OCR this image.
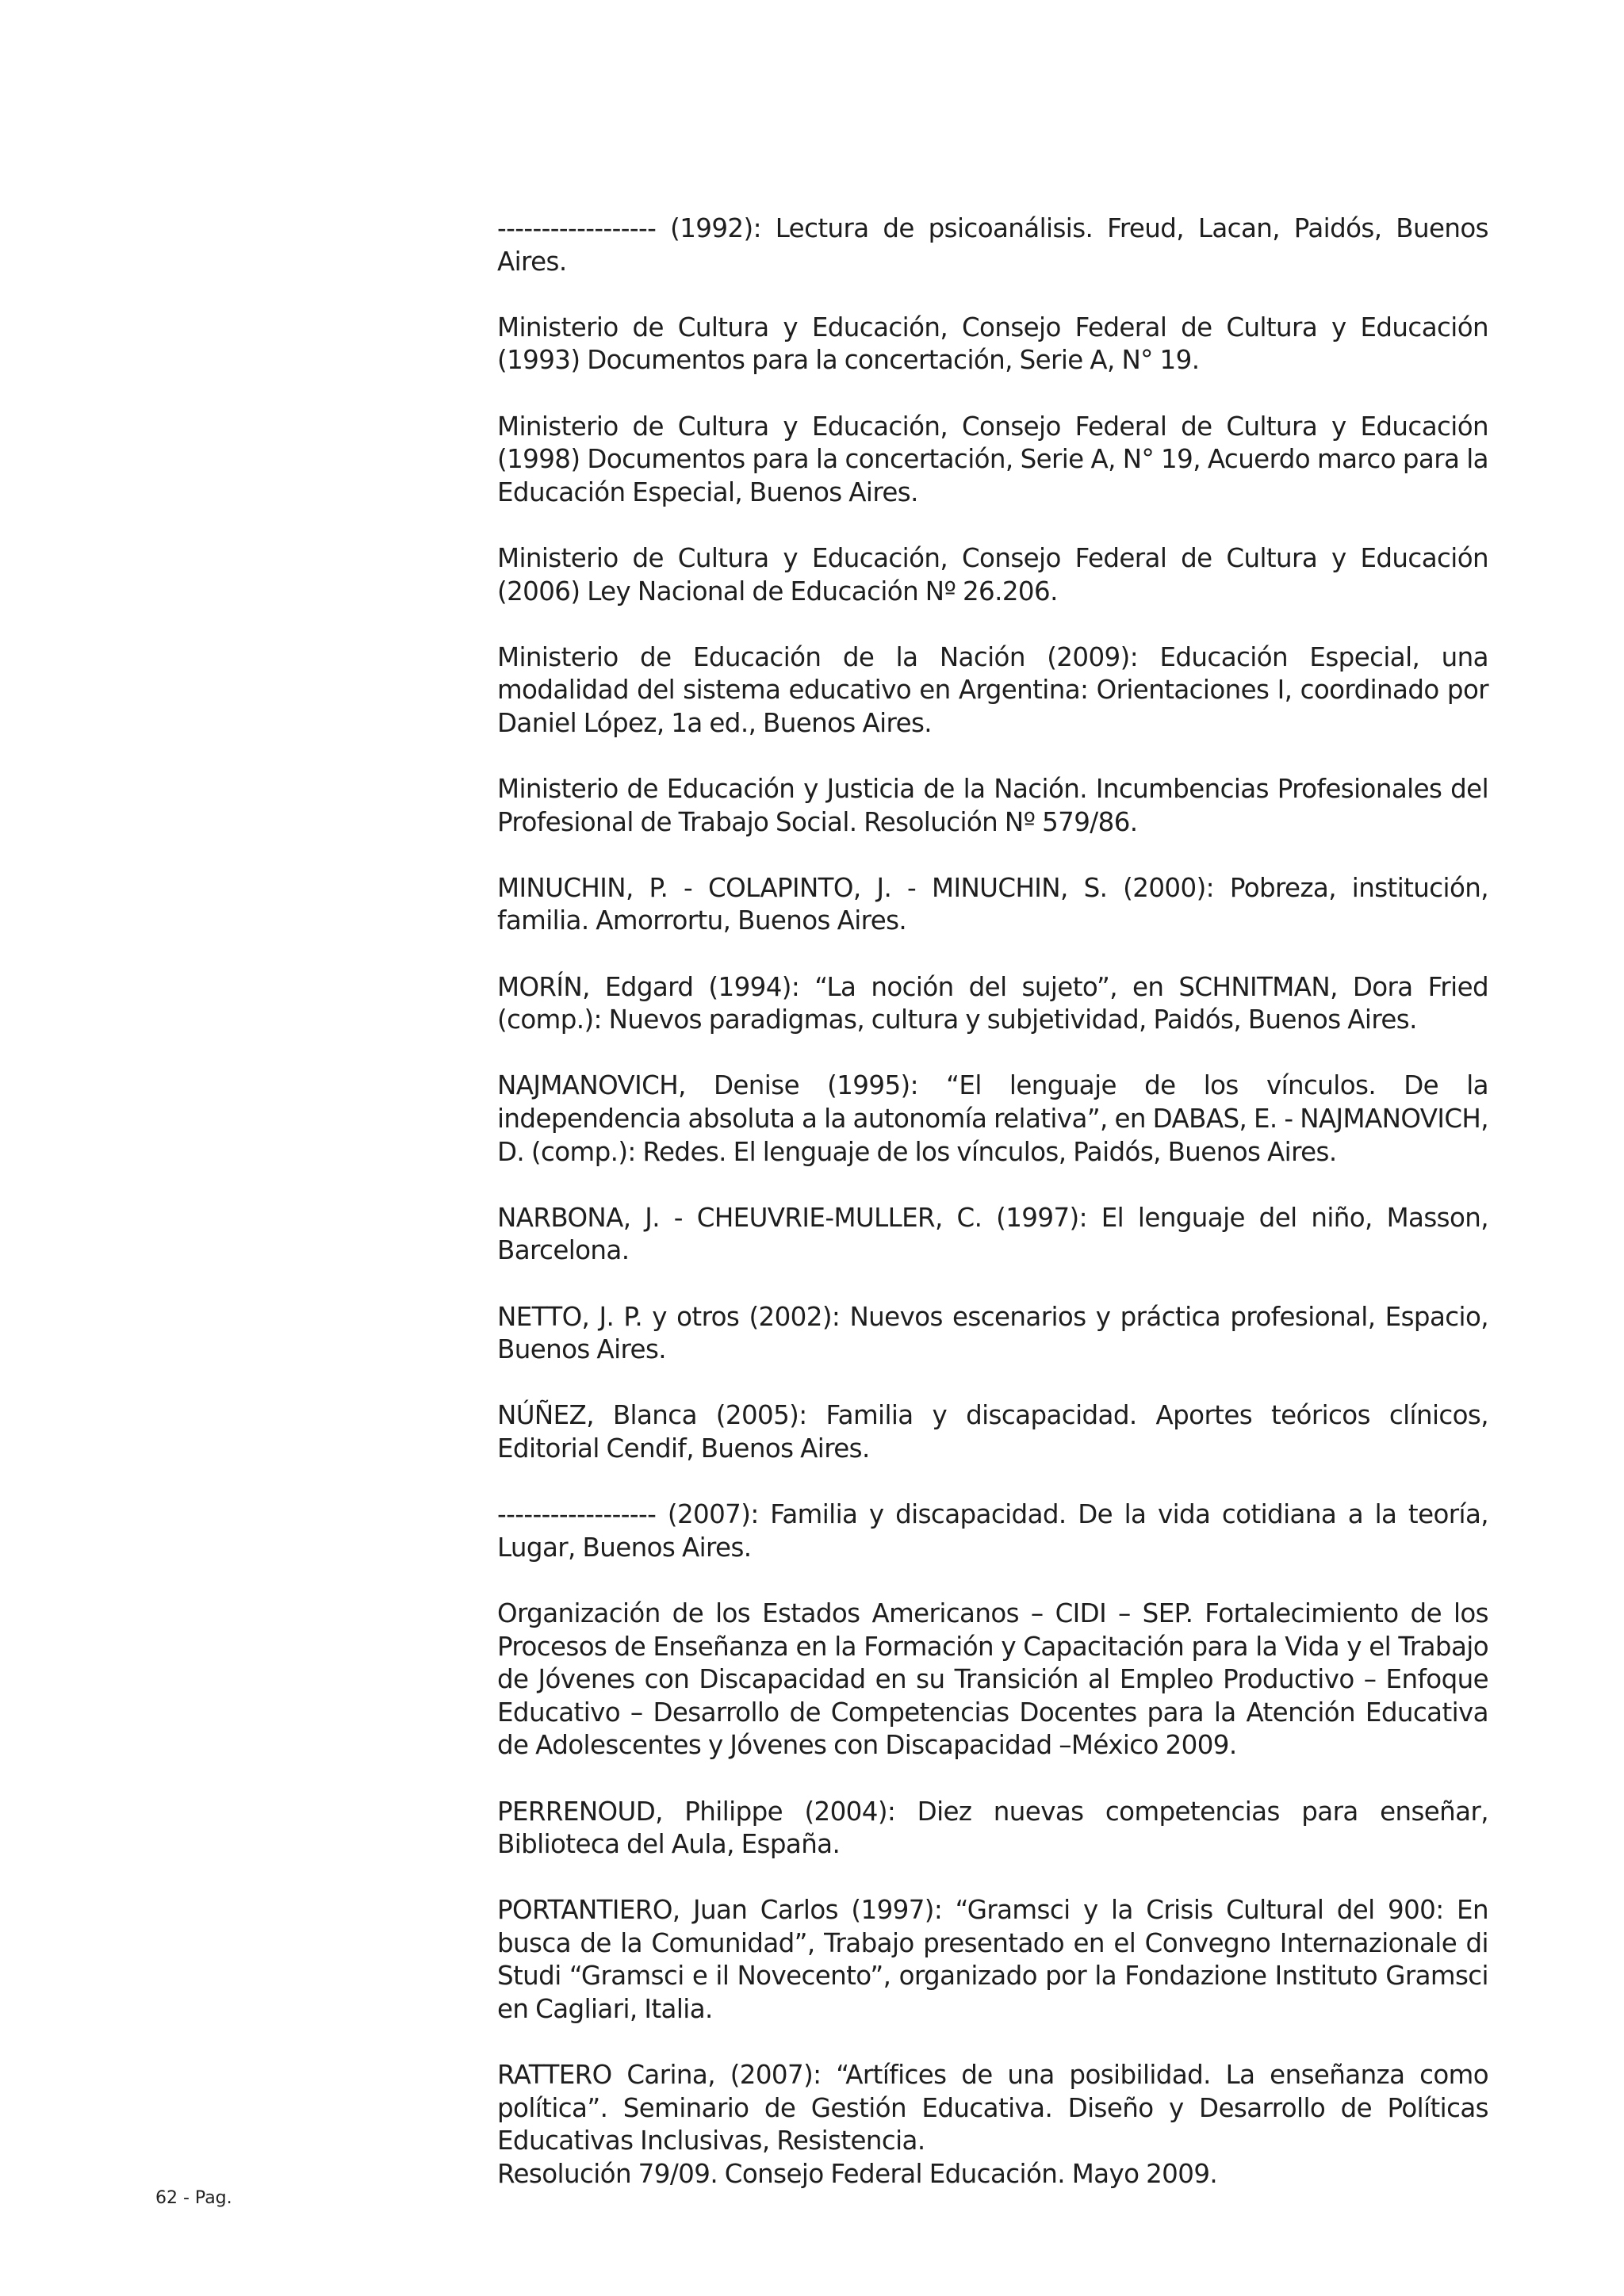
------------------ (1992): Lectura de psicoanálisis. Freud, Lacan, Paidós, Buenos Aires.

Ministerio de Cultura y Educación, Consejo Federal de Cultura y Educación (1993) Documentos para la concertación, Serie A, N° 19.

Ministerio de Cultura y Educación, Consejo Federal de Cultura y Educación (1998) Documentos para la concertación, Serie A, N° 19, Acuerdo marco para la Educación Especial, Buenos Aires.

Ministerio de Cultura y Educación, Consejo Federal de Cultura y Educación (2006) Ley Nacional de Educación Nº 26.206.

Ministerio de Educación de la Nación (2009): Educación Especial, una modalidad del sistema educativo en Argentina: Orientaciones I, coordinado por Daniel López, 1a ed., Buenos Aires.

Ministerio de Educación y Justicia de la Nación. Incumbencias Profesionales del Profesional de Trabajo Social. Resolución Nº 579/86.

MINUCHIN, P. - COLAPINTO, J. - MINUCHIN, S. (2000): Pobreza, institución, familia. Amorrortu, Buenos Aires.

MORÍN, Edgard (1994): “La noción del sujeto”, en SCHNITMAN, Dora Fried (comp.): Nuevos paradigmas, cultura y subjetividad, Paidós, Buenos Aires.

NAJMANOVICH, Denise (1995): “El lenguaje de los vínculos. De la independencia absoluta a la autonomía relativa”, en DABAS, E. - NAJMANOVICH, D. (comp.): Redes. El lenguaje de los vínculos, Paidós, Buenos Aires.

NARBONA, J. - CHEUVRIE-MULLER, C. (1997): El lenguaje del niño, Masson, Barcelona.

NETTO, J. P. y otros (2002): Nuevos escenarios y práctica profesional, Espacio, Buenos Aires.

NÚÑEZ, Blanca (2005): Familia y discapacidad. Aportes teóricos clínicos, Editorial Cendif, Buenos Aires.

------------------ (2007): Familia y discapacidad. De la vida cotidiana a la teoría, Lugar, Buenos Aires.

Organización de los Estados Americanos – CIDI – SEP. Fortalecimiento de los Procesos de Enseñanza en la Formación y Capacitación para la Vida y el Trabajo de Jóvenes con Discapacidad en su Transición al Empleo Productivo – Enfoque Educativo – Desarrollo de Competencias Docentes para la Atención Educativa de Adolescentes y Jóvenes con Discapacidad –México 2009.

PERRENOUD, Philippe (2004): Diez nuevas competencias para enseñar, Biblioteca del Aula, España.

PORTANTIERO, Juan Carlos (1997): “Gramsci y la Crisis Cultural del 900: En busca de la Comunidad”, Trabajo presentado en el Convegno Internazionale di Studi “Gramsci e il Novecento”, organizado por la Fondazione Instituto Gramsci en Cagliari, Italia.

RATTERO Carina, (2007): “Artífices de una posibilidad. La enseñanza como política”. Seminario de Gestión Educativa. Diseño y Desarrollo de Políticas Educativas Inclusivas, Resistencia.
Resolución 79/09. Consejo Federal Educación. Mayo 2009.

62 - Pag.
